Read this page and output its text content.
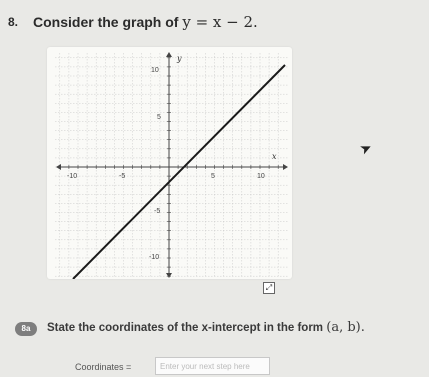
8. Consider the graph of y = x − 2.
x
y
-10	-5	5	10
10
5
-5
-10
⤢
➤
8a	State the coordinates of the x-intercept in the form (a, b).
Coordinates =
Enter your next step here
